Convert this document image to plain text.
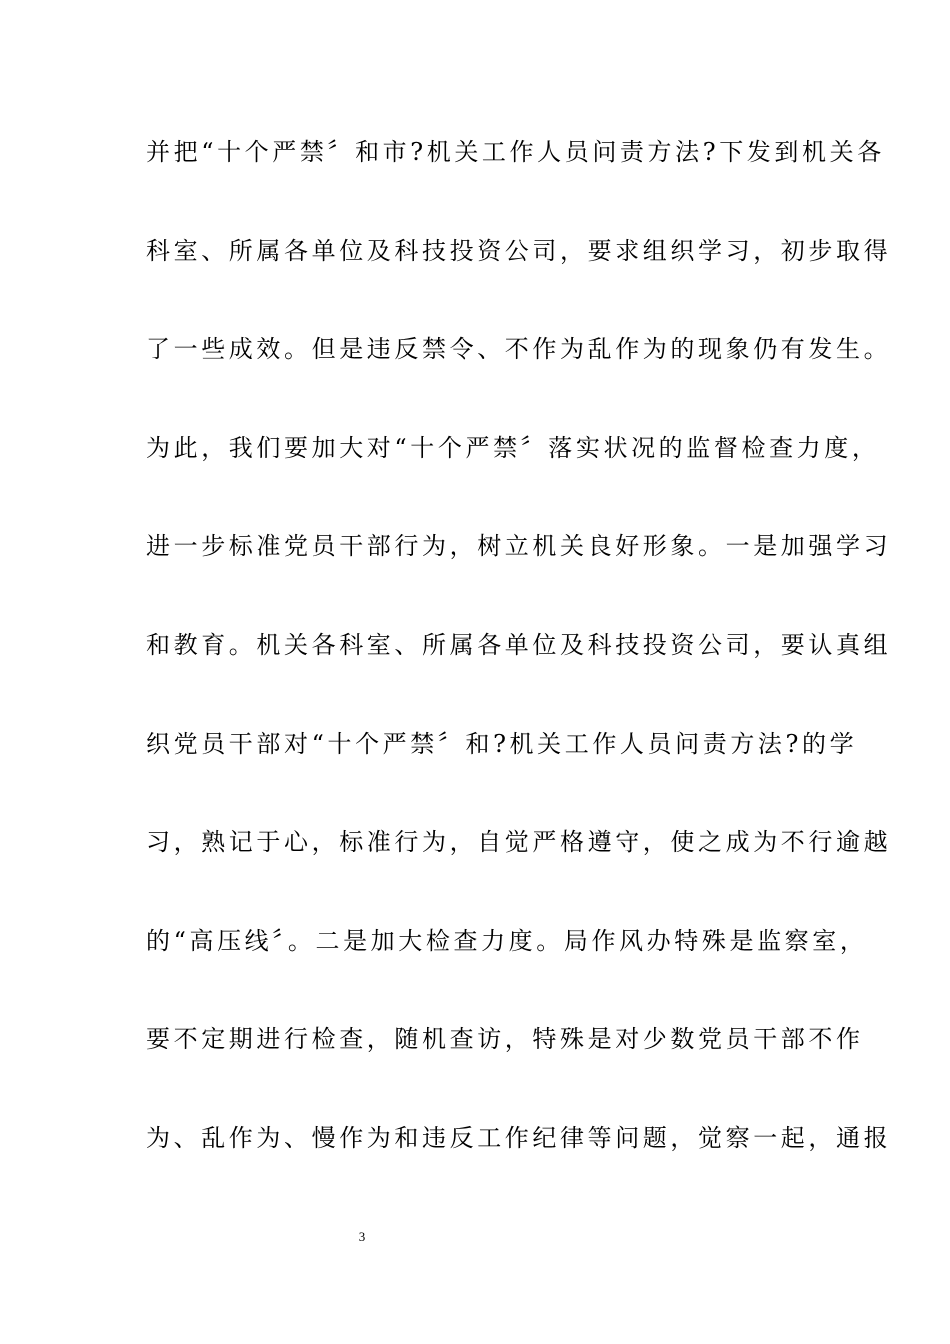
并把“十个严禁〞和市?机关工作人员问责方法?下发到机关各
科室、所属各单位及科技投资公司，要求组织学习，初步取得
了一些成效。但是违反禁令、不作为乱作为的现象仍有发生。
为此，我们要加大对“十个严禁〞落实状况的监督检查力度，
进一步标准党员干部行为，树立机关良好形象。一是加强学习
和教育。机关各科室、所属各单位及科技投资公司，要认真组
织党员干部对“十个严禁〞和?机关工作人员问责方法?的学
习，熟记于心，标准行为，自觉严格遵守，使之成为不行逾越
的“高压线〞。二是加大检查力度。局作风办特殊是监察室，
要不定期进行检查，随机查访，特殊是对少数党员干部不作
为、乱作为、慢作为和违反工作纪律等问题，觉察一起，通报
3
